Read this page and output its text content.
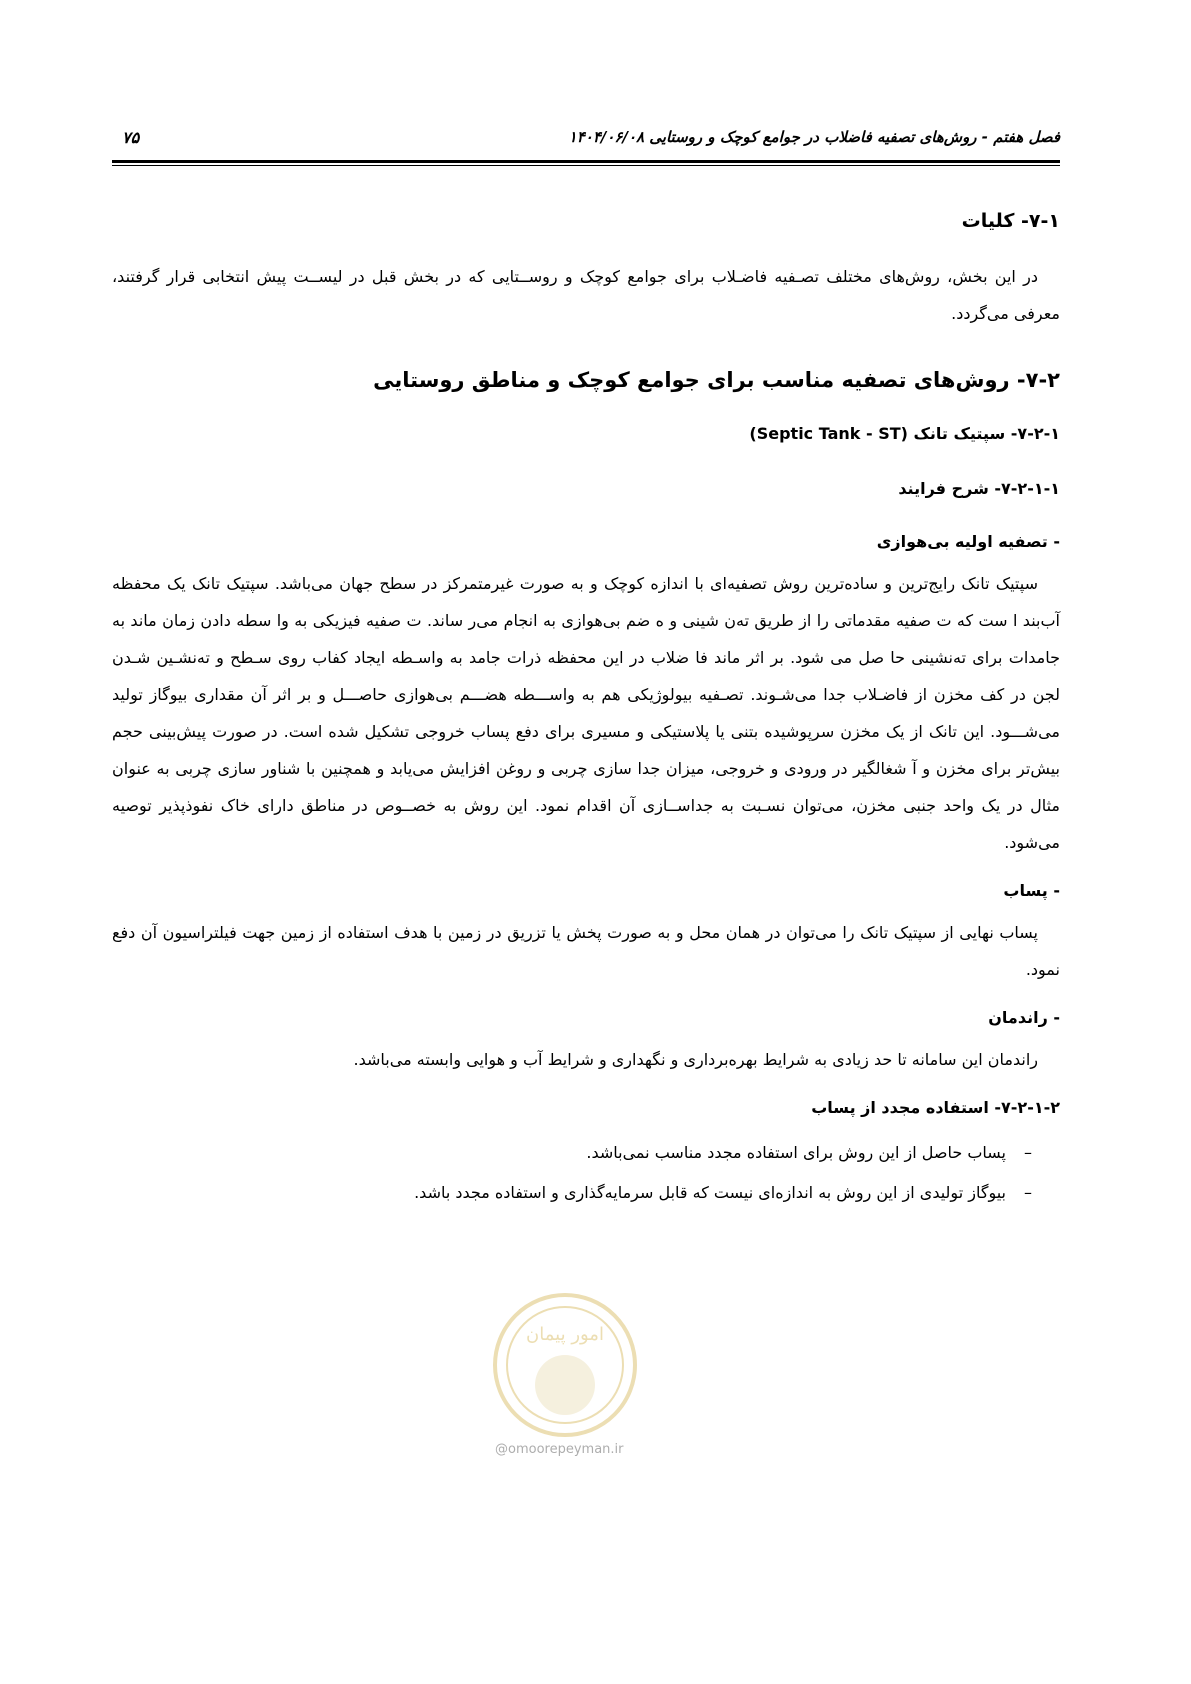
فصل هفتم - روش‌های تصفیه فاضلاب در جوامع کوچک و روستایی ۱۴۰۴/۰۶/۰۸
۷۵
۷-۱- کلیات

در این بخش، روش‌های مختلف تصـفیه فاضـلاب برای جوامع کوچک و روســتایی که در بخش قبل در لیســت پیش انتخابی قرار گرفتند، معرفی می‌گردد.

۷-۲- روش‌های تصفیه مناسب برای جوامع کوچک و مناطق روستایی
۷-۲-۱- سپتیک تانک (Septic Tank - ST)
۷-۲-۱-۱- شرح فرایند
- تصفیه اولیه بی‌هوازی

سپتیک تانک رایج‌ترین و ساده‌ترین روش تصفیه‌ای با اندازه کوچک و به صورت غیرمتمرکز در سطح جهان می‌باشد. سپتیک تانک یک محفظه آب‌بند ا ست که ت صفیه مقدماتی را از طریق ته‌ن شینی و ه ضم بی‌هوازی به انجام می‌ر ساند. ت صفیه فیزیکی به وا سطه دادن زمان ماند به جامدات برای ته‌نشینی حا صل می شود. بر اثر ماند فا ضلاب در این محفظه ذرات جامد به واسـطه ایجاد کفاب روی سـطح و ته‌نشـین شـدن لجن در کف مخزن از فاضـلاب جدا می‌شـوند. تصـفیه بیولوژیکی هم به واســـطه هضـــم بی‌هوازی حاصـــل و بر اثر آن مقداری بیوگاز تولید می‌شـــود. این تانک از یک مخزن سرپوشیده بتنی یا پلاستیکی و مسیری برای دفع پساب خروجی تشکیل شده است. در صورت پیش‌بینی حجم بیش‌تر برای مخزن و آ شغالگیر در ورودی و خروجی، میزان جدا سازی چربی و روغن افزایش می‌یابد و همچنین با شناور سازی چربی به عنوان مثال در یک واحد جنبی مخزن، می‌توان نسـبت به جداســازی آن اقدام نمود. این روش به خصــوص در مناطق دارای خاک نفوذپذیر توصیه می‌شود.

- پساب

پساب نهایی از سپتیک تانک را می‌توان در همان محل و به صورت پخش یا تزریق در زمین با هدف استفاده از زمین جهت فیلتراسیون آن دفع نمود.

- راندمان

راندمان این سامانه تا حد زیادی به شرایط بهره‌برداری و نگهداری و شرایط آب و هوایی وابسته می‌باشد.

۷-۲-۱-۲- استفاده مجدد از پساب
–پساب حاصل از این روش برای استفاده مجدد مناسب نمی‌باشد.
–بیوگاز تولیدی از این روش به اندازه‌ای نیست که قابل سرمایه‌گذاری و استفاده مجدد باشد.
امور پیمان
@omoorepeyman.ir
